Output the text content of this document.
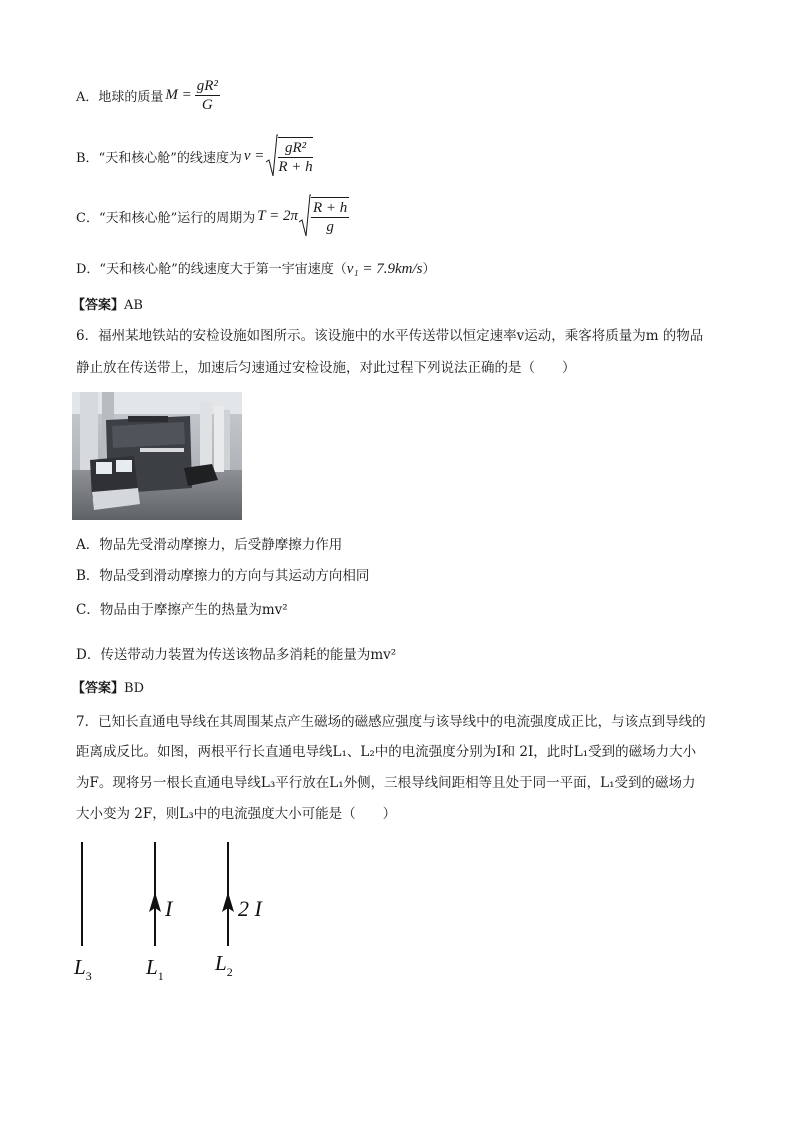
A．地球的质量 $M = \frac{\text{gR²}}{G}$
B．“天和核心舱”的线速度为 $v = \frac{\text{gR²}}{R + h}$
C．“天和核心舱”运行的周期为 $T = 2\pi \frac{R + h}{g}$
D．“天和核心舱”的线速度大于第一宇宙速度（v₁ = 7.9km/s）
【答案】AB
6．福州某地铁站的安检设施如图所示。该设施中的水平传送带以恒定速率v运动，乘客将质量为m 的物品
静止放在传送带上，加速后匀速通过安检设施，对此过程下列说法正确的是（　　）
A．物品先受滑动摩擦力，后受静摩擦力作用
B．物品受到滑动摩擦力的方向与其运动方向相同
C．物品由于摩擦产生的热量为mv²
D．传送带动力装置为传送该物品多消耗的能量为mv²
【答案】BD
7．已知长直通电导线在其周围某点产生磁场的磁感应强度与该导线中的电流强度成正比，与该点到导线的
距离成反比。如图，两根平行长直通电导线L₁、L₂中的电流强度分别为I和 2I，此时L₁受到的磁场力大小
为F。现将另一根长直通电导线L₃平行放在L₁外侧，三根导线间距相等且处于同一平面，L₁受到的磁场力
大小变为 2F，则L₃中的电流强度大小可能是（　　）
I	2 I
$L_3$	$L_1$
$L_2$
